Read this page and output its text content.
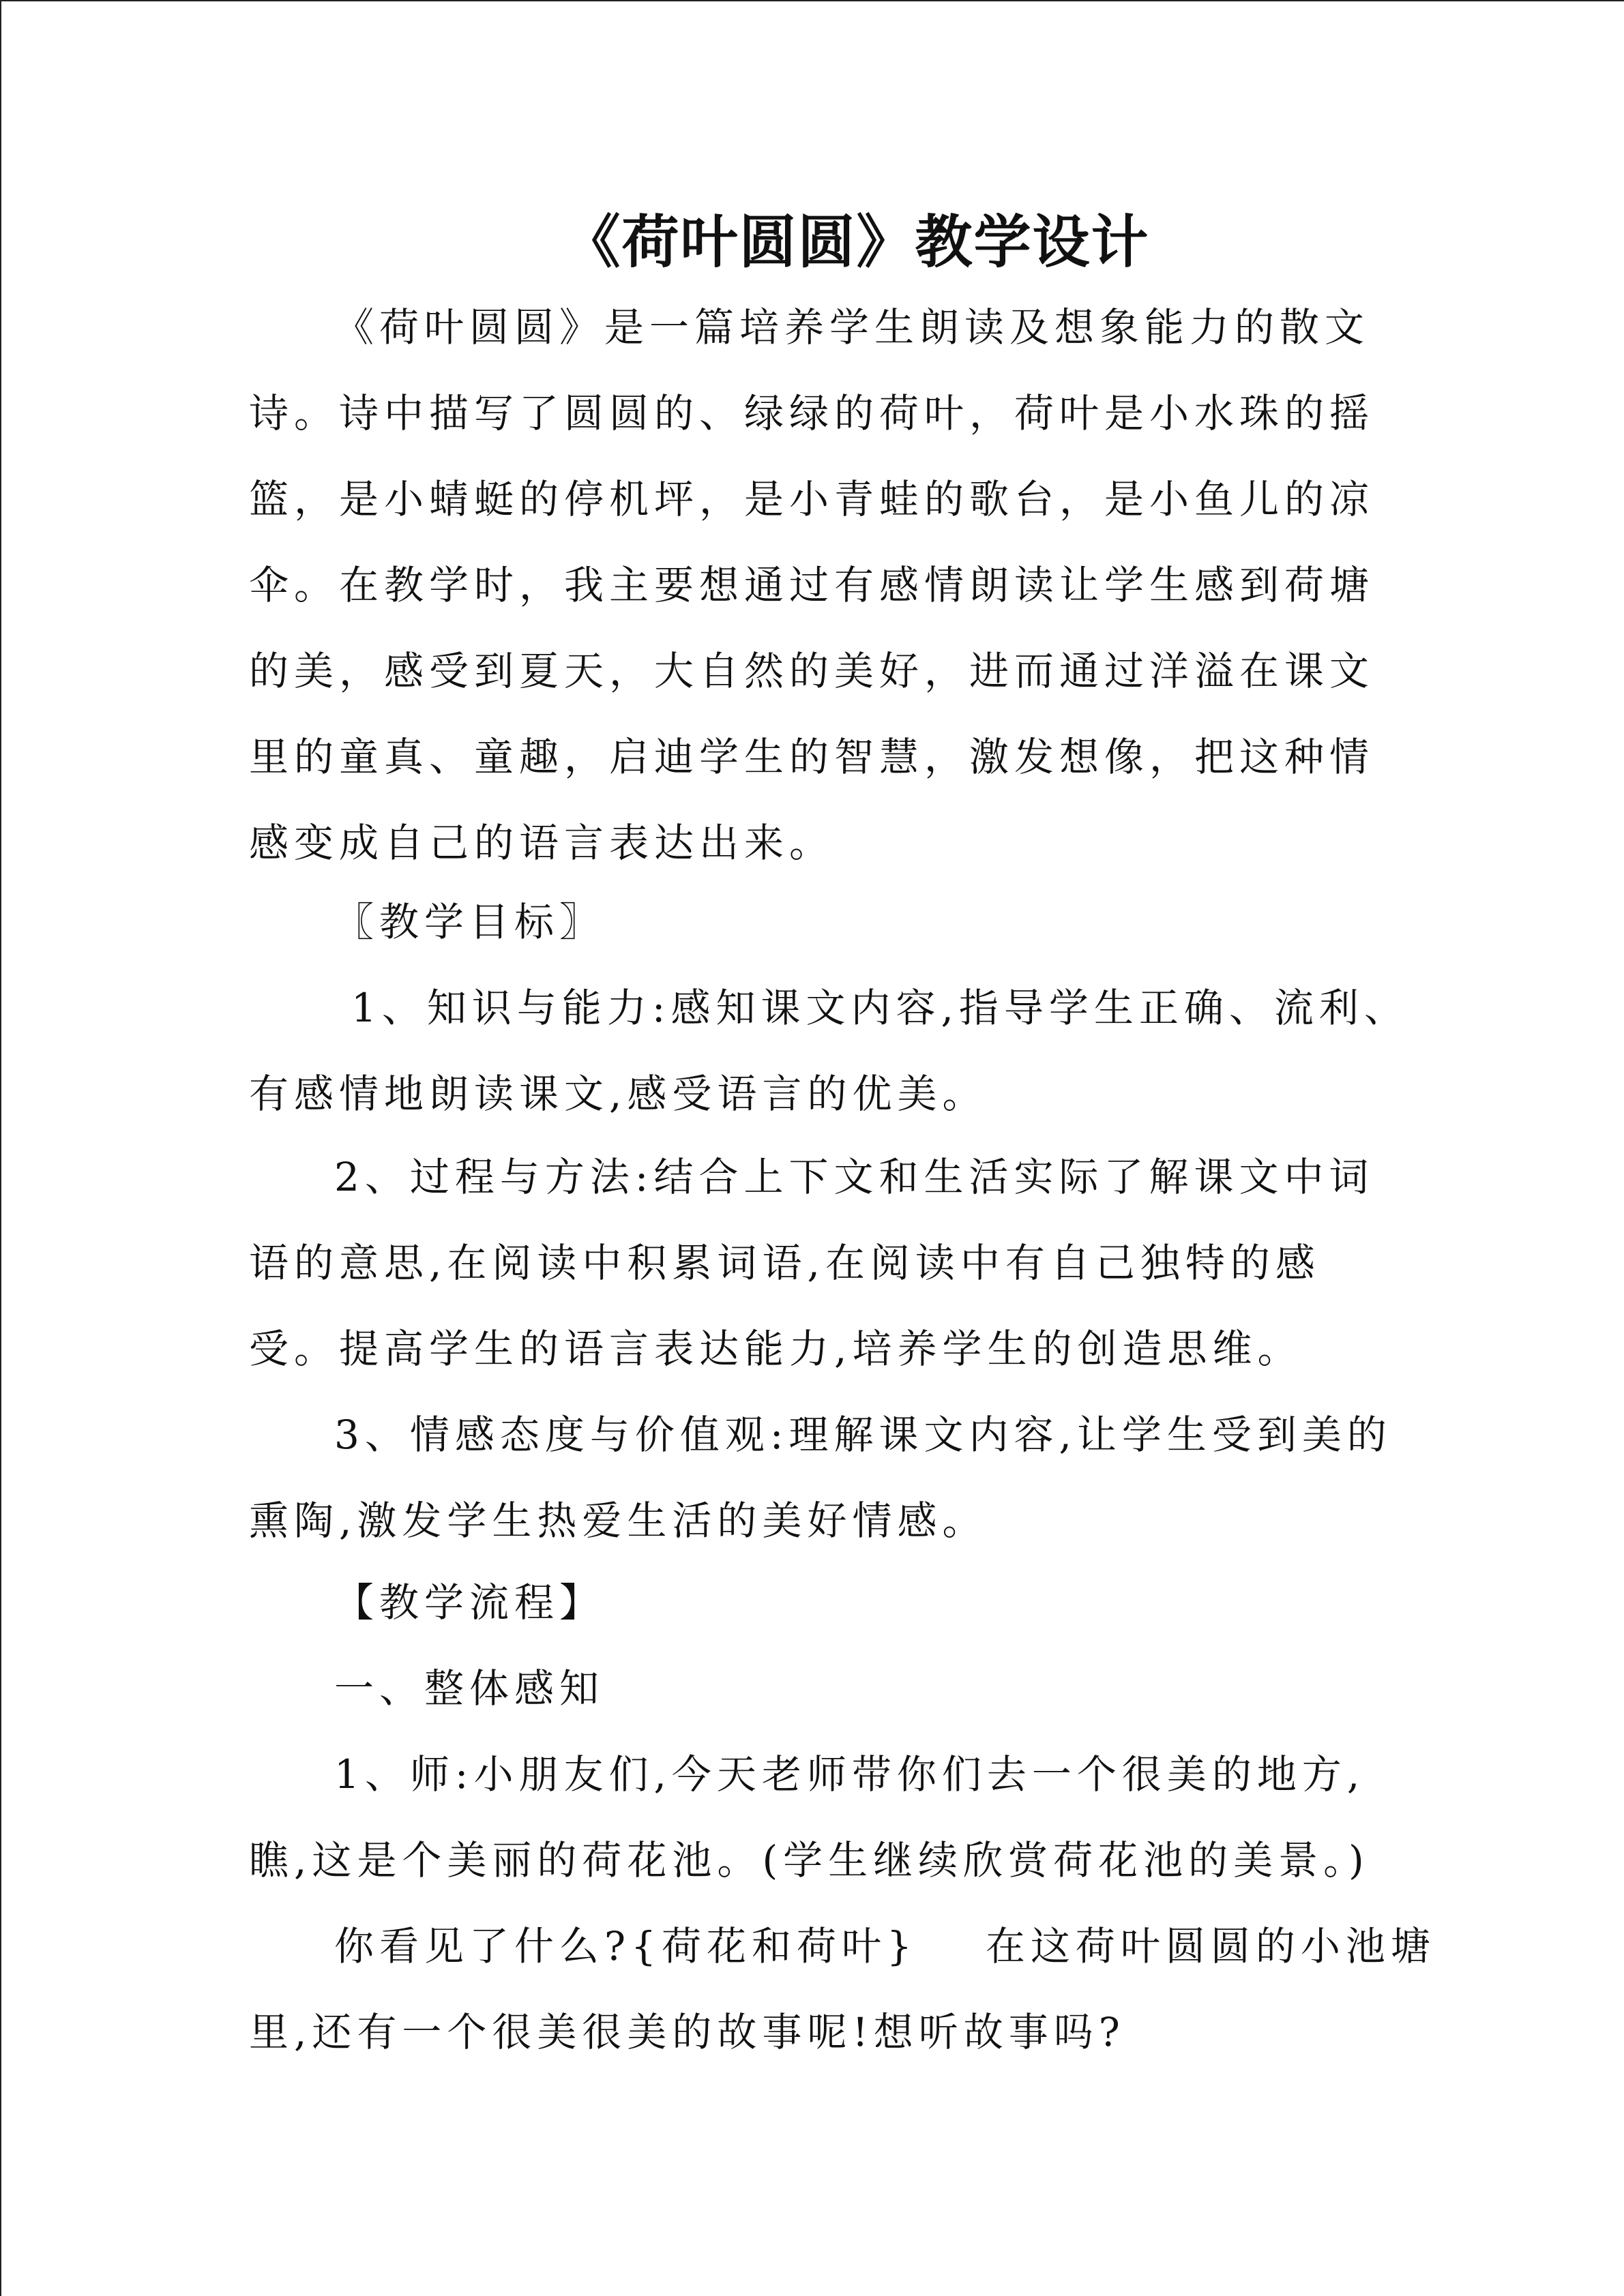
《荷叶圆圆》教学设计
《荷叶圆圆》是一篇培养学生朗读及想象能力的散文
诗。诗中描写了圆圆的、绿绿的荷叶，荷叶是小水珠的摇
篮，是小蜻蜓的停机坪，是小青蛙的歌台，是小鱼儿的凉
伞。在教学时，我主要想通过有感情朗读让学生感到荷塘
的美，感受到夏天，大自然的美好，进而通过洋溢在课文
里的童真、童趣，启迪学生的智慧，激发想像，把这种情
感变成自己的语言表达出来。
〖教学目标〗
1、知识与能力:感知课文内容,指导学生正确、流利、
有感情地朗读课文,感受语言的优美。
2、过程与方法:结合上下文和生活实际了解课文中词
语的意思,在阅读中积累词语,在阅读中有自己独特的感
受。提高学生的语言表达能力,培养学生的创造思维。
3、情感态度与价值观:理解课文内容,让学生受到美的
熏陶,激发学生热爱生活的美好情感。
【教学流程】
一、整体感知
1、师:小朋友们,今天老师带你们去一个很美的地方,
瞧,这是个美丽的荷花池。(学生继续欣赏荷花池的美景。)
你看见了什么?{荷花和荷叶} 在这荷叶圆圆的小池塘
里,还有一个很美很美的故事呢!想听故事吗?
